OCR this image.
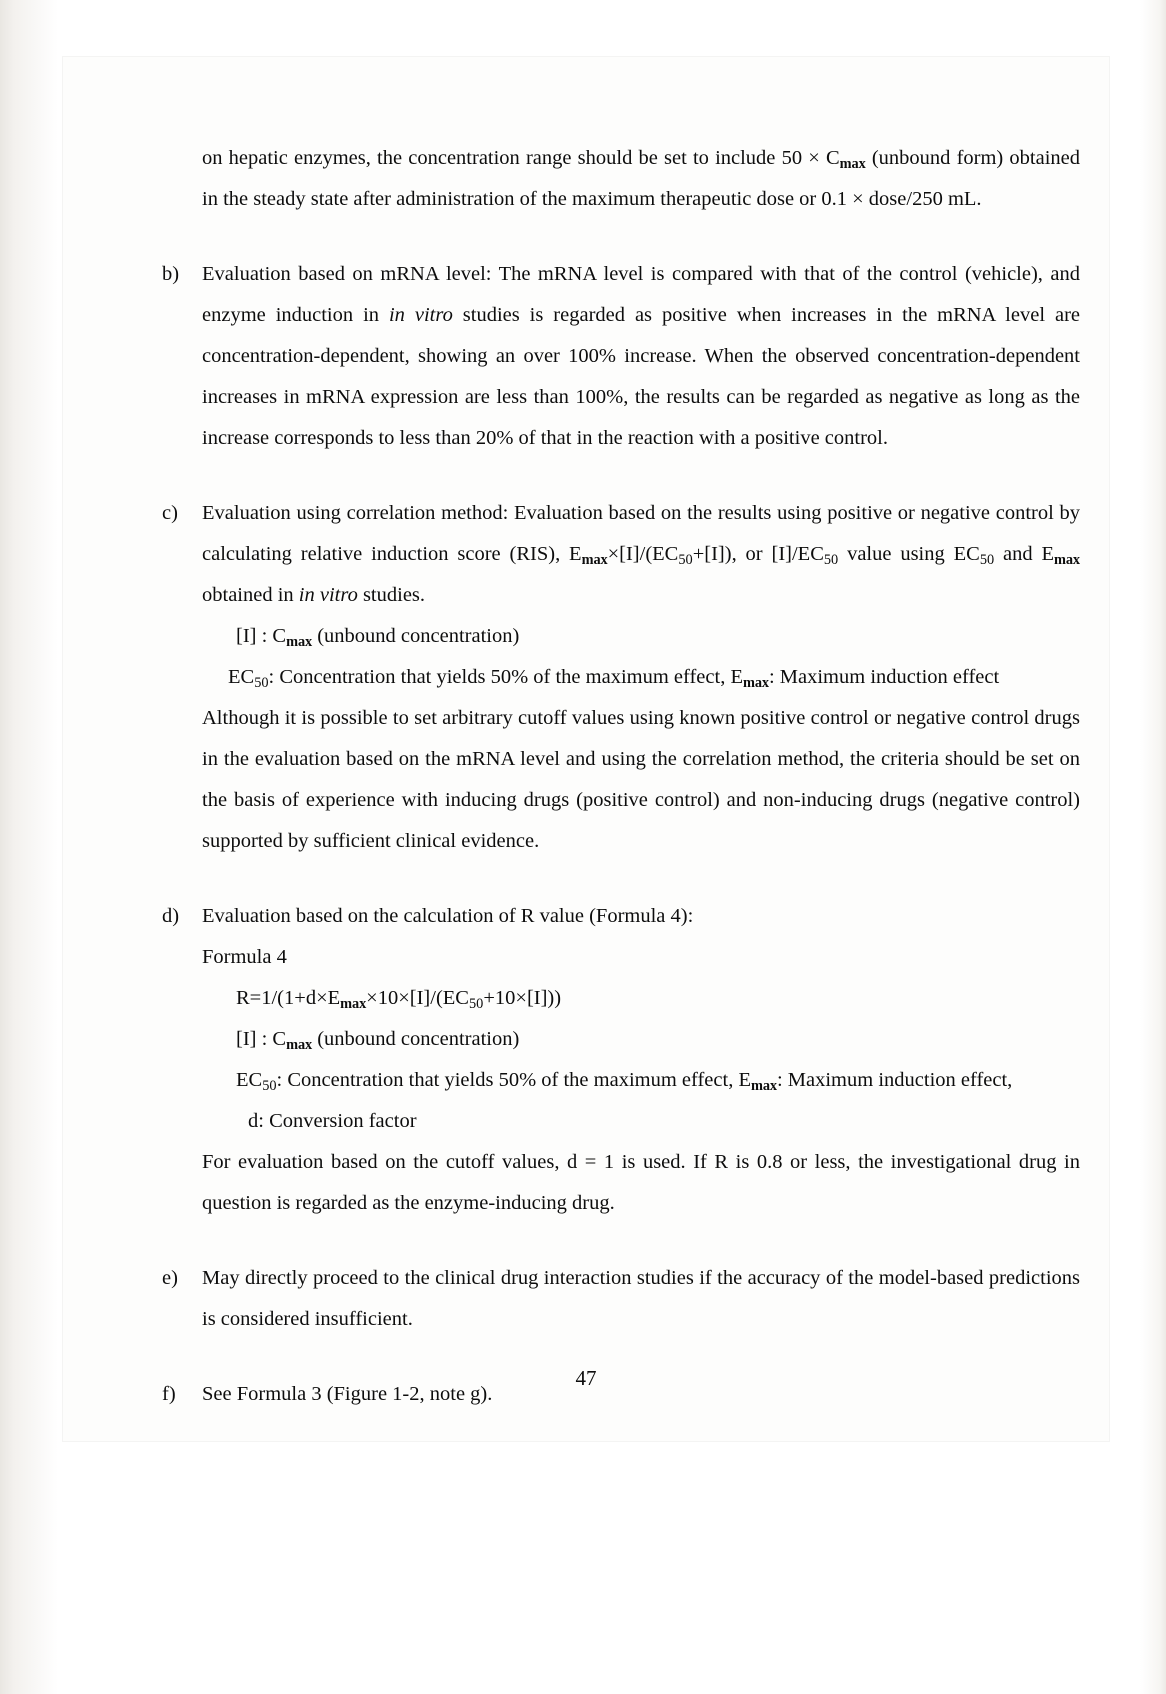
on hepatic enzymes, the concentration range should be set to include $50 \times C_{max}$ (unbound form) obtained in the steady state after administration of the maximum therapeutic dose or 0.1 × dose/250 mL.

b)	Evaluation based on mRNA level: The mRNA level is compared with that of the control (vehicle), and enzyme induction in in vitro studies is regarded as positive when increases in the mRNA level are concentration-dependent, showing an over 100% increase. When the observed concentration-dependent increases in mRNA expression are less than 100%, the results can be regarded as negative as long as the increase corresponds to less than 20% of that in the reaction with a positive control.

c)	Evaluation using correlation method: Evaluation based on the results using positive or negative control by calculating relative induction score (RIS), $E_{max}\times[I]/(EC50+[I])$, or [I]/EC50 value using EC50 and $E_{max}$ obtained in in vitro studies.

[I] : $C_{max}$ (unbound concentration)

EC50: Concentration that yields 50% of the maximum effect, $E_{max}$: Maximum induction effect

Although it is possible to set arbitrary cutoff values using known positive control or negative control drugs in the evaluation based on the mRNA level and using the correlation method, the criteria should be set on the basis of experience with inducing drugs (positive control) and non-inducing drugs (negative control) supported by sufficient clinical evidence.

d)	Evaluation based on the calculation of R value (Formula 4):

Formula 4

$R=1/(1+d\times E_{max}\times 10\times[I]/(EC50+10\times[I]))$

[I] : $C_{max}$ (unbound concentration)

EC50: Concentration that yields 50% of the maximum effect, $E_{max}$: Maximum induction effect,

d: Conversion factor

For evaluation based on the cutoff values, d = 1 is used. If R is 0.8 or less, the investigational drug in question is regarded as the enzyme-inducing drug.

e)	May directly proceed to the clinical drug interaction studies if the accuracy of the model-based predictions is considered insufficient.

f)	See Formula 3 (Figure 1-2, note g).

47
